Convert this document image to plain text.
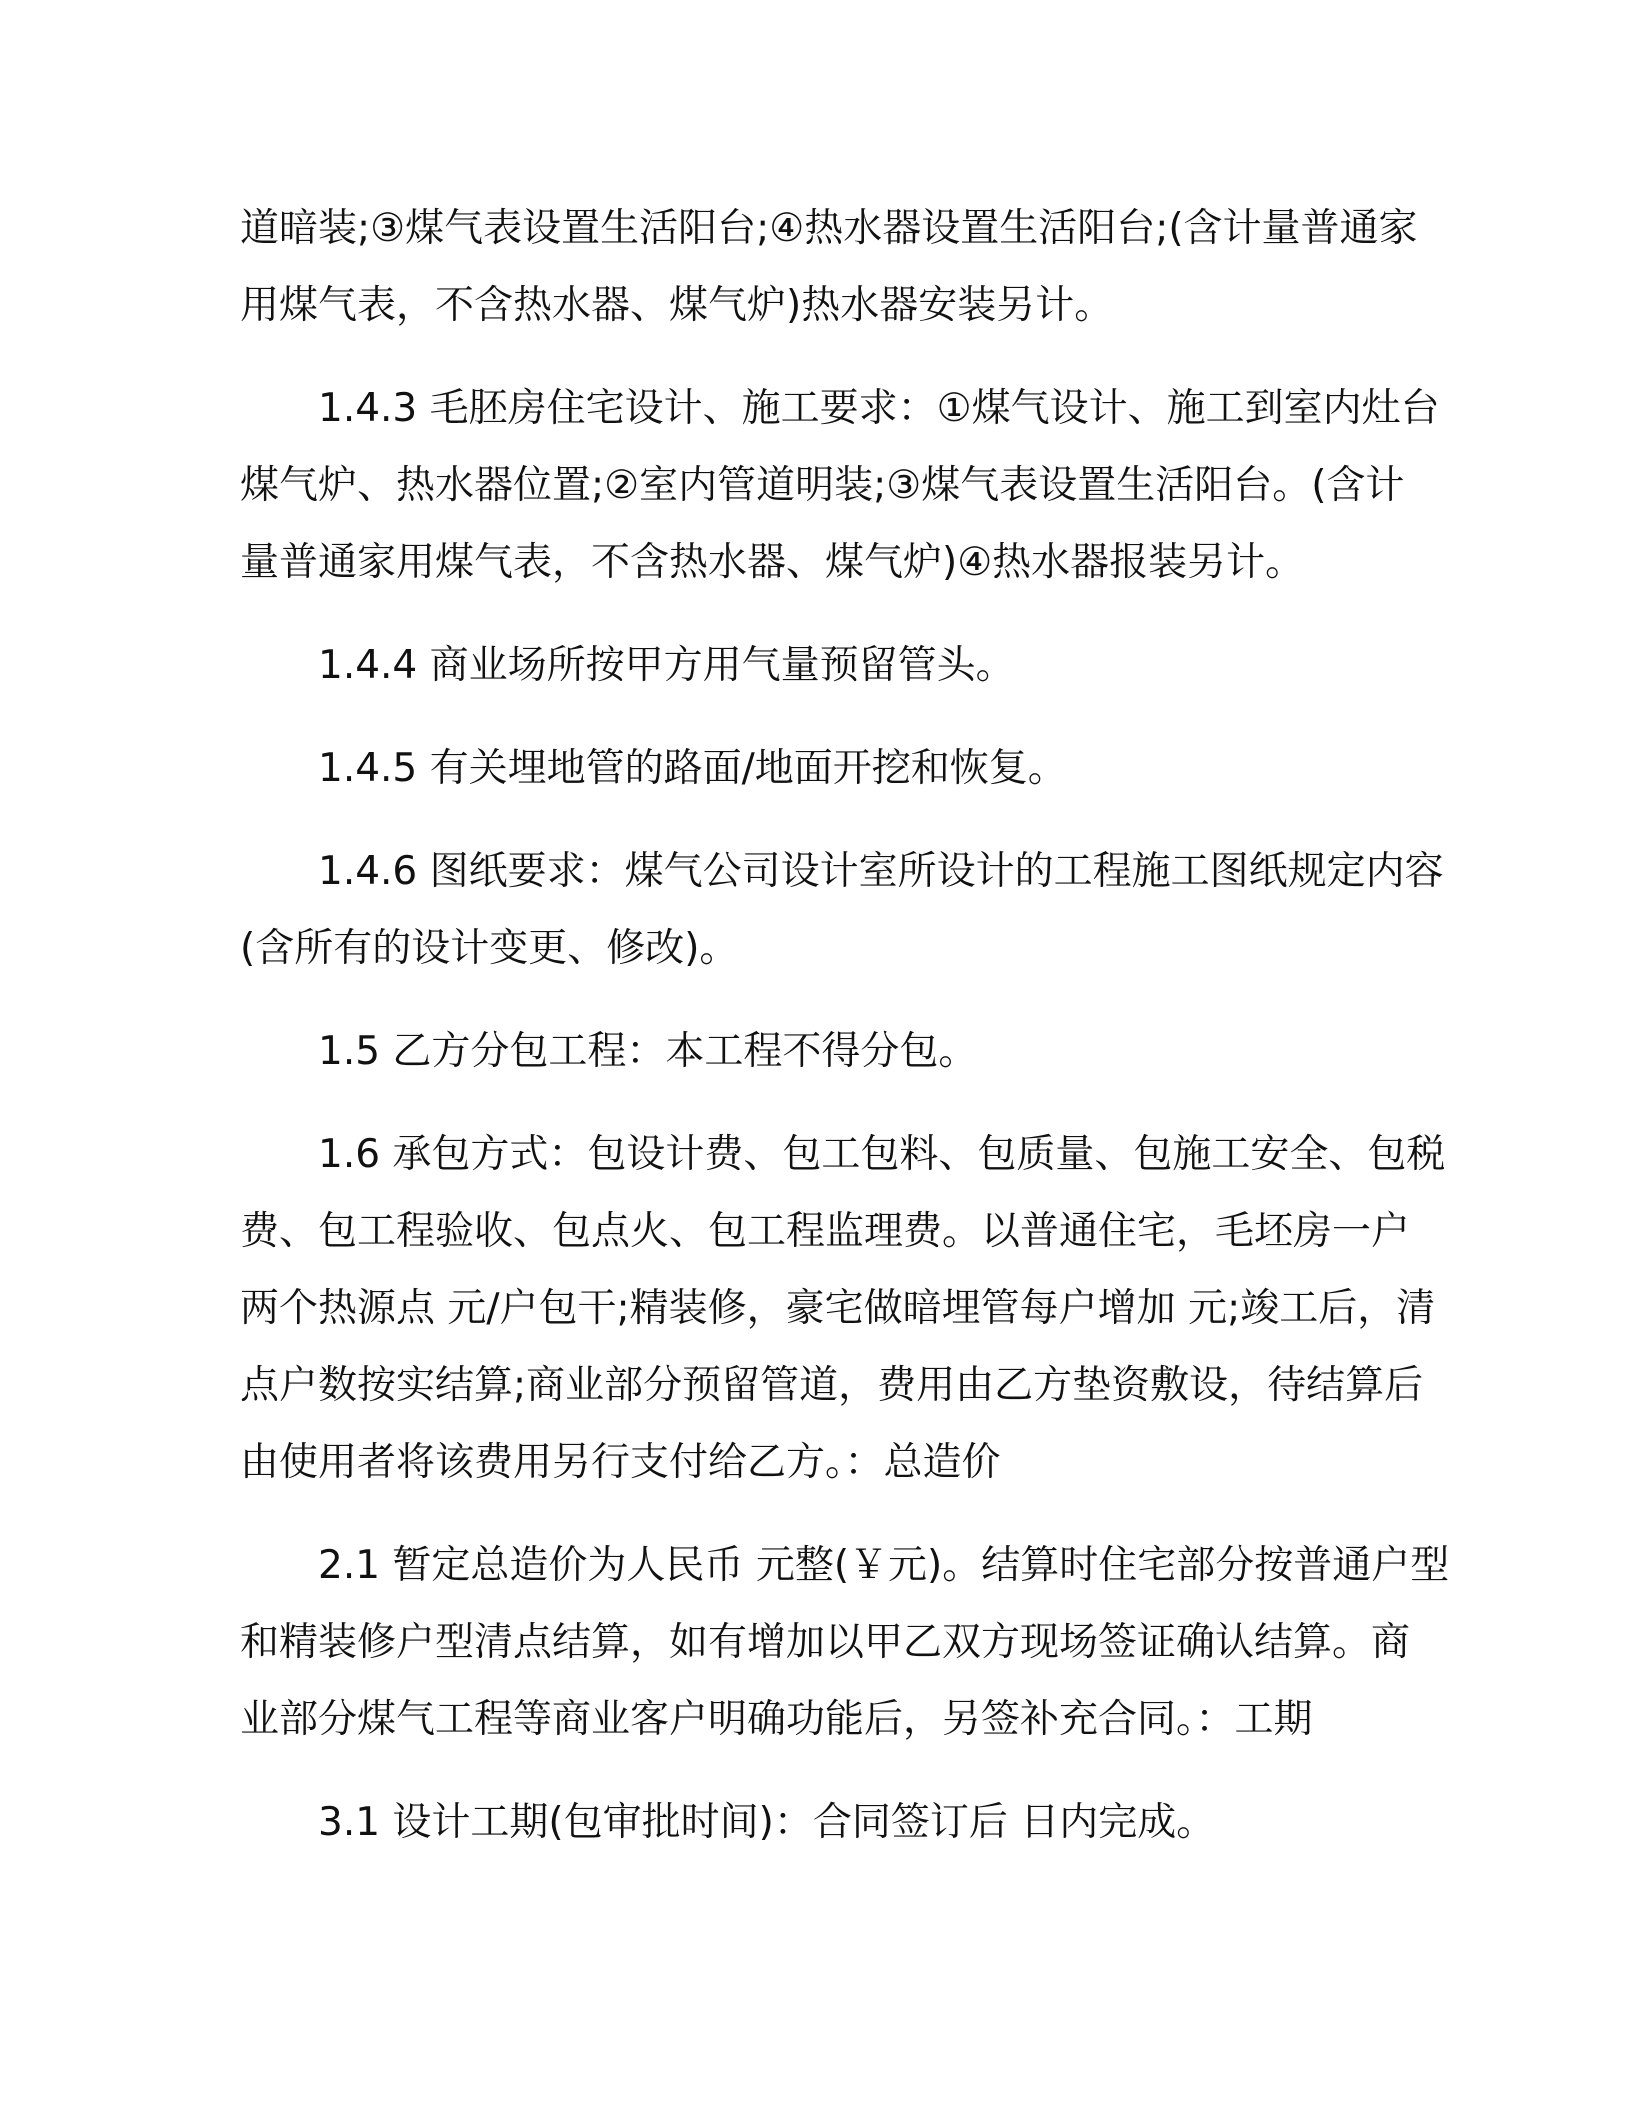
道暗装;③煤气表设置生活阳台;④热水器设置生活阳台;(含计量普通家
用煤气表，不含热水器、煤气炉)热水器安装另计。

1.4.3 毛胚房住宅设计、施工要求：①煤气设计、施工到室内灶台
煤气炉、热水器位置;②室内管道明装;③煤气表设置生活阳台。(含计
量普通家用煤气表，不含热水器、煤气炉)④热水器报装另计。

1.4.4 商业场所按甲方用气量预留管头。

1.4.5 有关埋地管的路面/地面开挖和恢复。

1.4.6 图纸要求：煤气公司设计室所设计的工程施工图纸规定内容
(含所有的设计变更、修改)。

1.5 乙方分包工程：本工程不得分包。

1.6 承包方式：包设计费、包工包料、包质量、包施工安全、包税
费、包工程验收、包点火、包工程监理费。以普通住宅，毛坯房一户
两个热源点 元/户包干;精装修，豪宅做暗埋管每户增加 元;竣工后，清
点户数按实结算;商业部分预留管道，费用由乙方垫资敷设，待结算后
由使用者将该费用另行支付给乙方。：总造价

2.1 暂定总造价为人民币 元整(￥元)。结算时住宅部分按普通户型
和精装修户型清点结算，如有增加以甲乙双方现场签证确认结算。商
业部分煤气工程等商业客户明确功能后，另签补充合同。：工期

3.1 设计工期(包审批时间)：合同签订后 日内完成。
